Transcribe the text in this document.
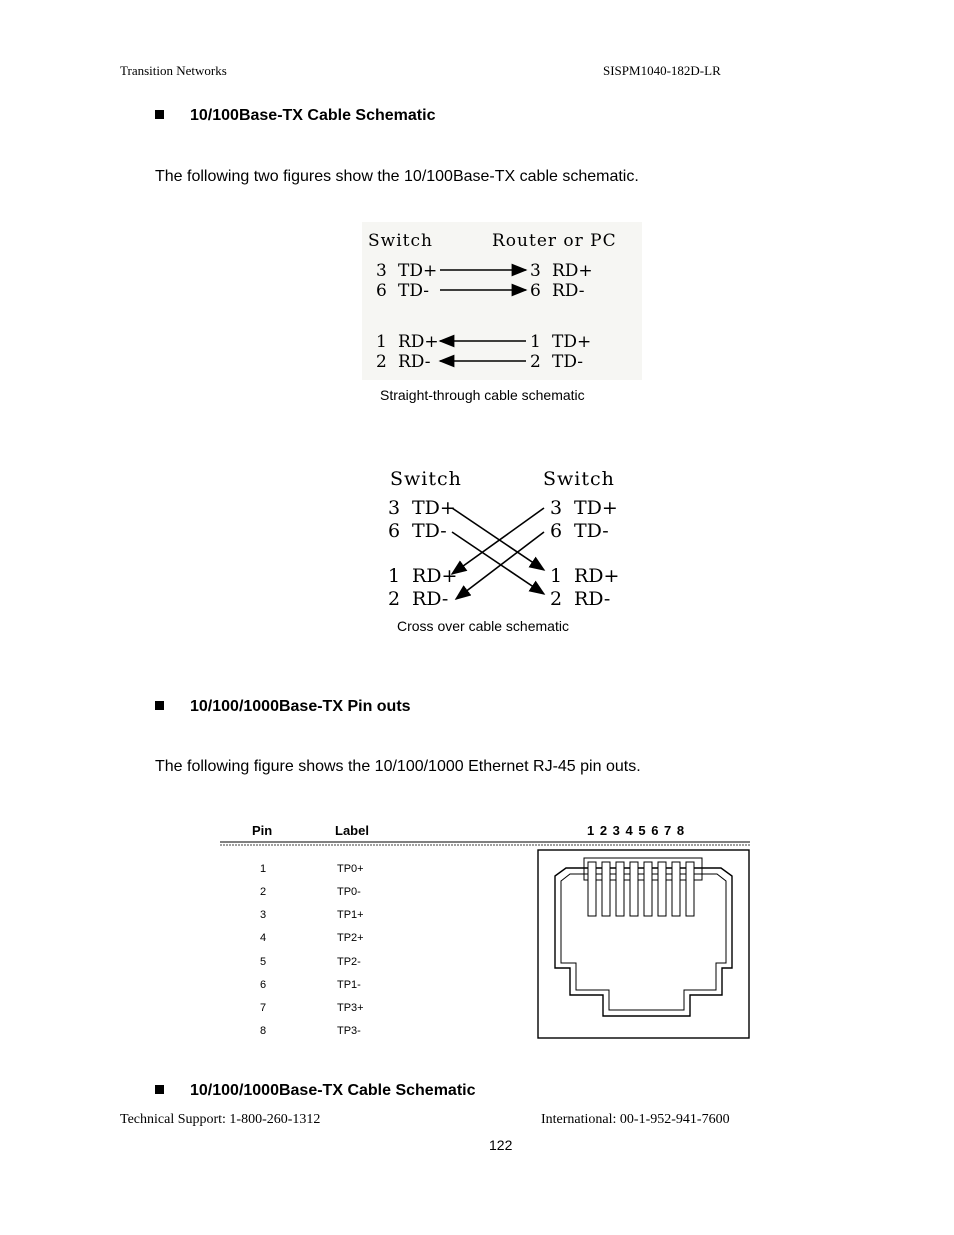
Transition Networks	SISPM1040-182D-LR
10/100Base-TX Cable Schematic
The following two figures show the 10/100Base-TX cable schematic.
Switch	Router or PC
3 TD+	3 RD+
6 TD-	6 RD-
1 RD+	1 TD+
2 RD-	2 TD-
Straight-through cable schematic
Switch	Switch
3 TD+	3 TD+
6 TD-	6 TD-
1 RD+	1 RD+
2 RD-	2 RD-
Cross over cable schematic
10/100/1000Base-TX Pin outs
The following figure shows the 10/100/1000 Ethernet RJ-45 pin outs.
Pin	Label	1 2 3 4 5 6 7 8
1	TP0+
2	TP0-
3	TP1+
4	TP2+
5	TP2-
6	TP1-
7	TP3+
8	TP3-
10/100/1000Base-TX Cable Schematic
Technical Support: 1-800-260-1312	International: 00-1-952-941-7600
122
